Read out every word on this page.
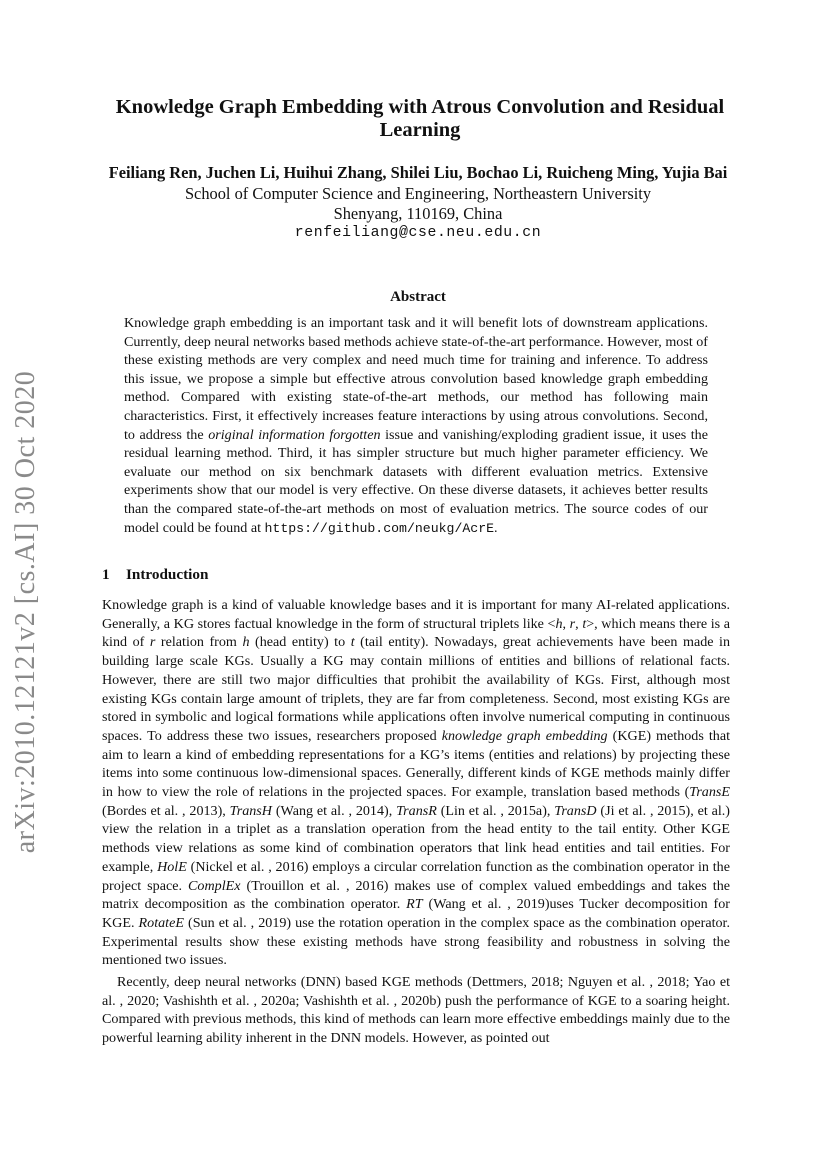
arXiv:2010.12121v2 [cs.AI] 30 Oct 2020
Knowledge Graph Embedding with Atrous Convolution and Residual Learning
Feiliang Ren, Juchen Li, Huihui Zhang, Shilei Liu, Bochao Li, Ruicheng Ming, Yujia Bai
School of Computer Science and Engineering, Northeastern University
Shenyang, 110169, China
renfeiliang@cse.neu.edu.cn
Abstract
Knowledge graph embedding is an important task and it will benefit lots of downstream applications. Currently, deep neural networks based methods achieve state-of-the-art performance. However, most of these existing methods are very complex and need much time for training and inference. To address this issue, we propose a simple but effective atrous convolution based knowledge graph embedding method. Compared with existing state-of-the-art methods, our method has following main characteristics. First, it effectively increases feature interactions by using atrous convolutions. Second, to address the original information forgotten issue and vanishing/exploding gradient issue, it uses the residual learning method. Third, it has simpler structure but much higher parameter efficiency. We evaluate our method on six benchmark datasets with different evaluation metrics. Extensive experiments show that our model is very effective. On these diverse datasets, it achieves better results than the compared state-of-the-art methods on most of evaluation metrics. The source codes of our model could be found at https://github.com/neukg/AcrE.
1 Introduction

Knowledge graph is a kind of valuable knowledge bases and it is important for many AI-related applications. Generally, a KG stores factual knowledge in the form of structural triplets like <h, r, t>, which means there is a kind of r relation from h (head entity) to t (tail entity). Nowadays, great achievements have been made in building large scale KGs. Usually a KG may contain millions of entities and billions of relational facts. However, there are still two major difficulties that prohibit the availability of KGs. First, although most existing KGs contain large amount of triplets, they are far from completeness. Second, most existing KGs are stored in symbolic and logical formations while applications often involve numerical computing in continuous spaces. To address these two issues, researchers proposed knowledge graph embedding (KGE) methods that aim to learn a kind of embedding representations for a KG’s items (entities and relations) by projecting these items into some continuous low-dimensional spaces. Generally, different kinds of KGE methods mainly differ in how to view the role of relations in the projected spaces. For example, translation based methods (TransE (Bordes et al. , 2013), TransH (Wang et al. , 2014), TransR (Lin et al. , 2015a), TransD (Ji et al. , 2015), et al.) view the relation in a triplet as a translation operation from the head entity to the tail entity. Other KGE methods view relations as some kind of combination operators that link head entities and tail entities. For example, HolE (Nickel et al. , 2016) employs a circular correlation function as the combination operator in the project space. ComplEx (Trouillon et al. , 2016) makes use of complex valued embeddings and takes the matrix decomposition as the combination operator. RT (Wang et al. , 2019)uses Tucker decomposition for KGE. RotateE (Sun et al. , 2019) use the rotation operation in the complex space as the combination operator. Experimental results show these existing methods have strong feasibility and robustness in solving the mentioned two issues.

Recently, deep neural networks (DNN) based KGE methods (Dettmers, 2018; Nguyen et al. , 2018; Yao et al. , 2020; Vashishth et al. , 2020a; Vashishth et al. , 2020b) push the performance of KGE to a soaring height. Compared with previous methods, this kind of methods can learn more effective embeddings mainly due to the powerful learning ability inherent in the DNN models. However, as pointed out
